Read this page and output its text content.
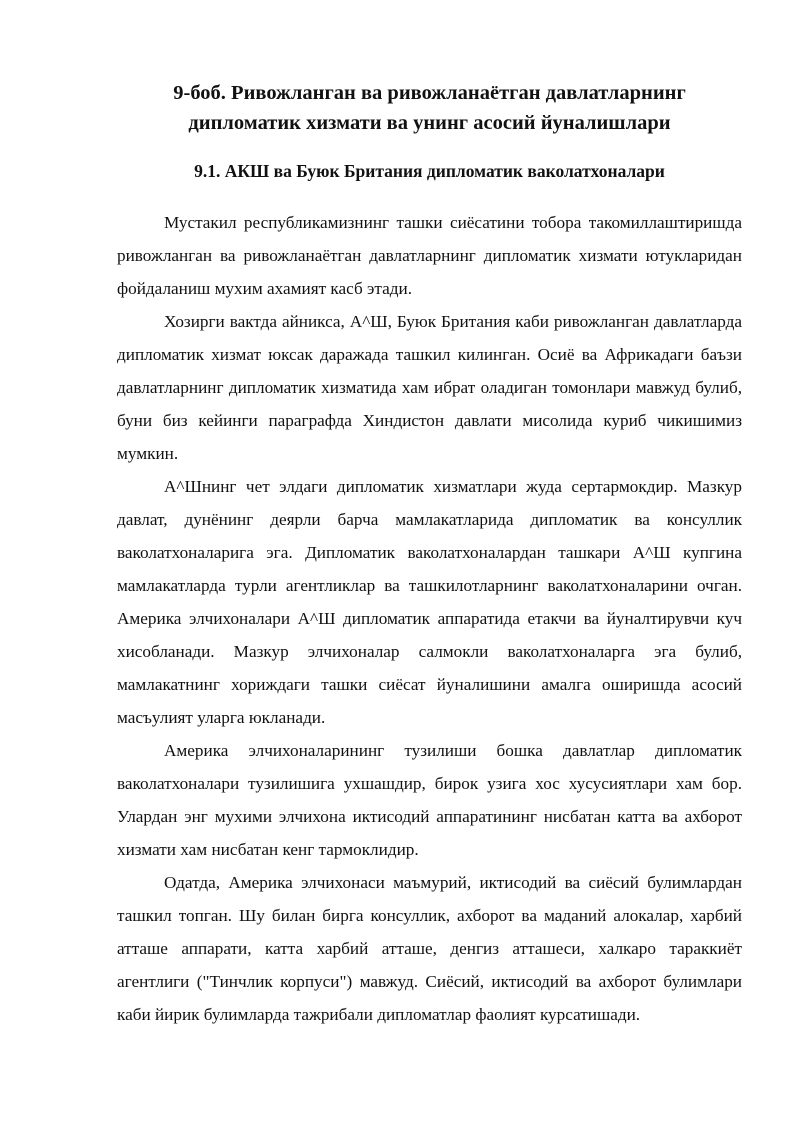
9-боб. Ривожланган ва ривожланаётган давлатларнинг
дипломатик хизмати ва унинг асосий йуналишлари
9.1. АКШ ва Буюк Британия дипломатик ваколатхоналари

Мустакил республикамизнинг ташки сиёсатини тобора такомиллаштиришда ривожланган ва ривожланаётган давлатларнинг дипломатик хизмати ютукларидан фойдаланиш мухим ахамият касб этади.

Хозирги вактда айникса, А^Ш, Буюк Британия каби ривожланган давлатларда дипломатик хизмат юксак даражада ташкил килинган. Осиё ва Африкадаги баъзи давлатларнинг дипломатик хизматида хам ибрат оладиган томонлари мавжуд булиб, буни биз кейинги параграфда Хиндистон давлати мисолида куриб чикишимиз мумкин.

А^Шнинг чет элдаги дипломатик хизматлари жуда сертармокдир. Мазкур давлат, дунёнинг деярли барча мамлакатларида дипломатик ва консуллик ваколатхоналарига эга. Дипломатик ваколатхоналардан ташкари А^Ш купгина мамлакатларда турли агентликлар ва ташкилотларнинг ваколатхоналарини очган. Америка элчихоналари А^Ш дипломатик аппаратида етакчи ва йуналтирувчи куч хисобланади. Мазкур элчихоналар салмокли ваколатхоналарга эга булиб, мамлакатнинг хориждаги ташки сиёсат йуналишини амалга оширишда асосий масъулият уларга юкланади.

Америка элчихоналарининг тузилиши бошка давлатлар дипломатик ваколатхоналари тузилишига ухшашдир, бирок узига хос хусусиятлари хам бор. Улардан энг мухими элчихона иктисодий аппаратининг нисбатан катта ва ахборот хизмати хам нисбатан кенг тармоклидир.

Одатда, Америка элчихонаси маъмурий, иктисодий ва сиёсий булимлардан ташкил топган. Шу билан бирга консуллик, ахборот ва маданий алокалар, харбий атташе аппарати, катта харбий атташе, денгиз атташеси, халкаро тараккиёт агентлиги ("Тинчлик корпуси") мавжуд. Сиёсий, иктисодий ва ахборот булимлари каби йирик булимларда тажрибали дипломатлар фаолият курсатишади.
